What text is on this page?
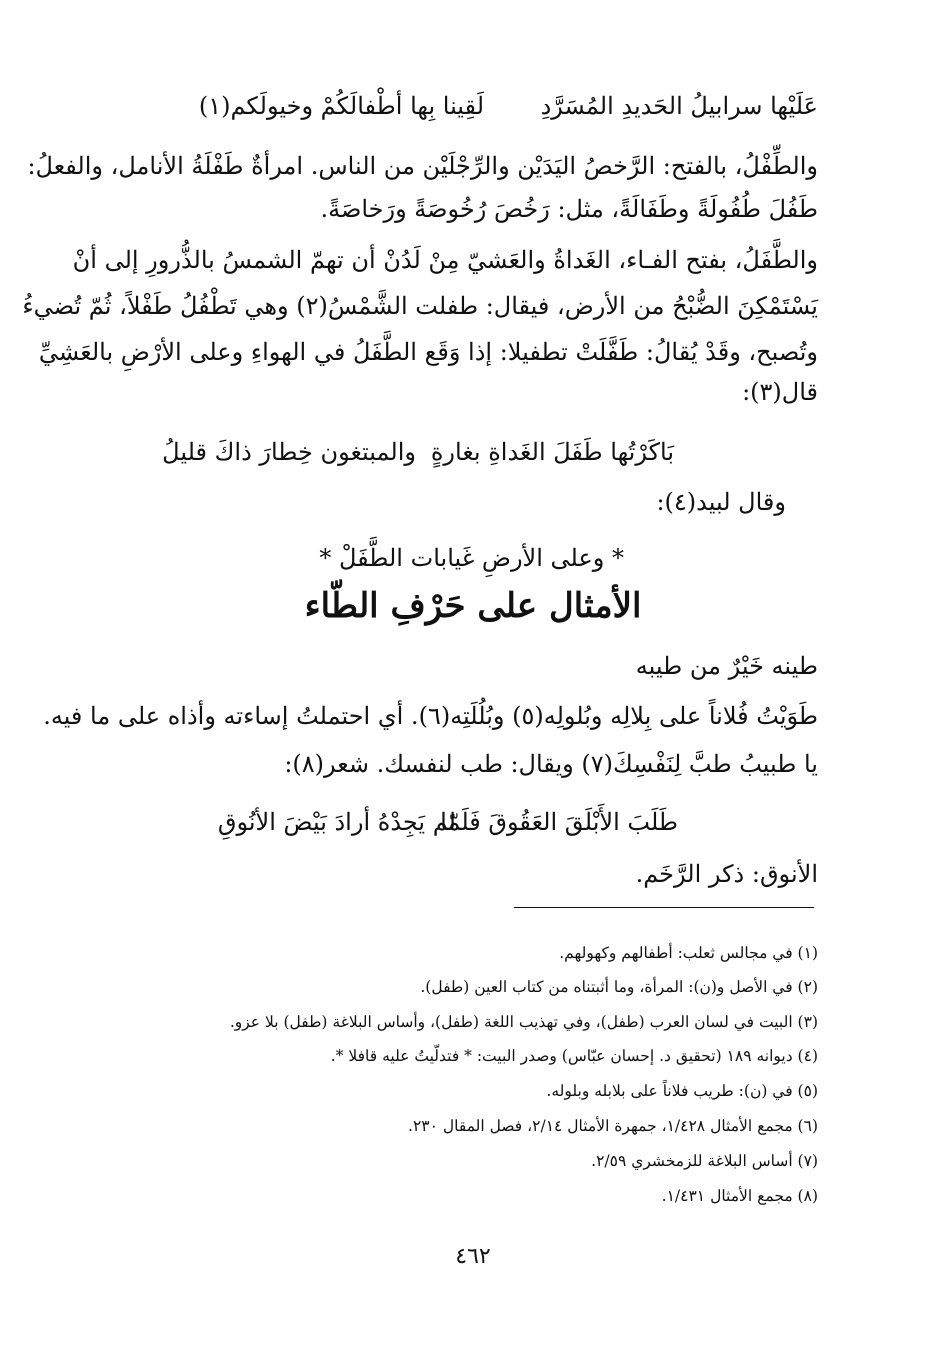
عَلَيْها سرابيلُ الحَديدِ المُسَرَّدِ
لَقِينا بِها أطْفالَكُمْ وخيولَكم(١)
والطِّفْلُ، بالفتح: الرَّخصُ اليَدَيْن والرِّجْلَيْن من الناس. امرأةٌ طَفْلَةُ الأنامل، والفعلُ:
طَفُلَ طُفُولَةً وطَفَالَةً، مثل: رَخُصَ رُخُوصَةً ورَخاصَةً.
والطَّفَلُ، بفتح الفـاء، الغَداةُ والعَشيّ مِنْ لَدُنْ أن تهمّ الشمسُ بالذُّرورِ إلى أنْ
يَسْتَمْكِنَ الضُّبْحُ من الأرض، فيقال: طفلت الشَّمْسُ(٢) وهي تَطْفُلُ طَفْلاً، ثُمّ تُضيءُ
وتُصبح، وقَدْ يُقالُ: طَفَّلَتْ تطفيلا: إذا وَقَع الطَّفَلُ في الهواءِ وعلى الأرْضِ بالعَشِيِّ
قال(٣):
بَاكَرْتُها طَفَلَ الغَداةِ بغارةٍ
والمبتغون خِطارَ ذاكَ قليلُ
وقال لبيد(٤):
* وعلى الأرضِ غَيابات الطَّفَلْ *
الأمثال على حَرْفِ الطّاء
طينه خَيْرٌ من طيبه
طَوَيْتُ فُلاناً على بِلالِه وبُلولِه(٥) وبُلُلَتِه(٦). أي احتملتُ إساءته وأذاه على ما فيه.
يا طبيبُ طبَّ لِنَفْسِكَ(٧) ويقال: طب لنفسك. شعر(٨):
طَلَبَ الأَبْلَقَ العَقُوقَ فَلَمّا
لم يَجِدْهُ أرادَ بَيْضَ الأنُوقِ
الأنوق: ذكر الرَّخَم.
(١) في مجالس ثعلب: أطفالهم وكهولهم.
(٢) في الأصل و(ن): المرأة، وما أثبتناه من كتاب العين (طفل).
(٣) البيت في لسان العرب (طفل)، وفي تهذيب اللغة (طفل)، وأساس البلاغة (طفل) بلا عزو.
(٤) ديوانه ١٨٩ (تحقيق د. إحسان عبّاس) وصدر البيت: * فتدلّيتُ عليه قافلا *.
(٥) في (ن): طريب فلاناً على بلابله وبلوله.
(٦) مجمع الأمثال ١/٤٢٨، جمهرة الأمثال ٢/١٤، فصل المقال ٢٣٠.
(٧) أساس البلاغة للزمخشري ٢/٥٩.
(٨) مجمع الأمثال ١/٤٣١.
٤٦٢
